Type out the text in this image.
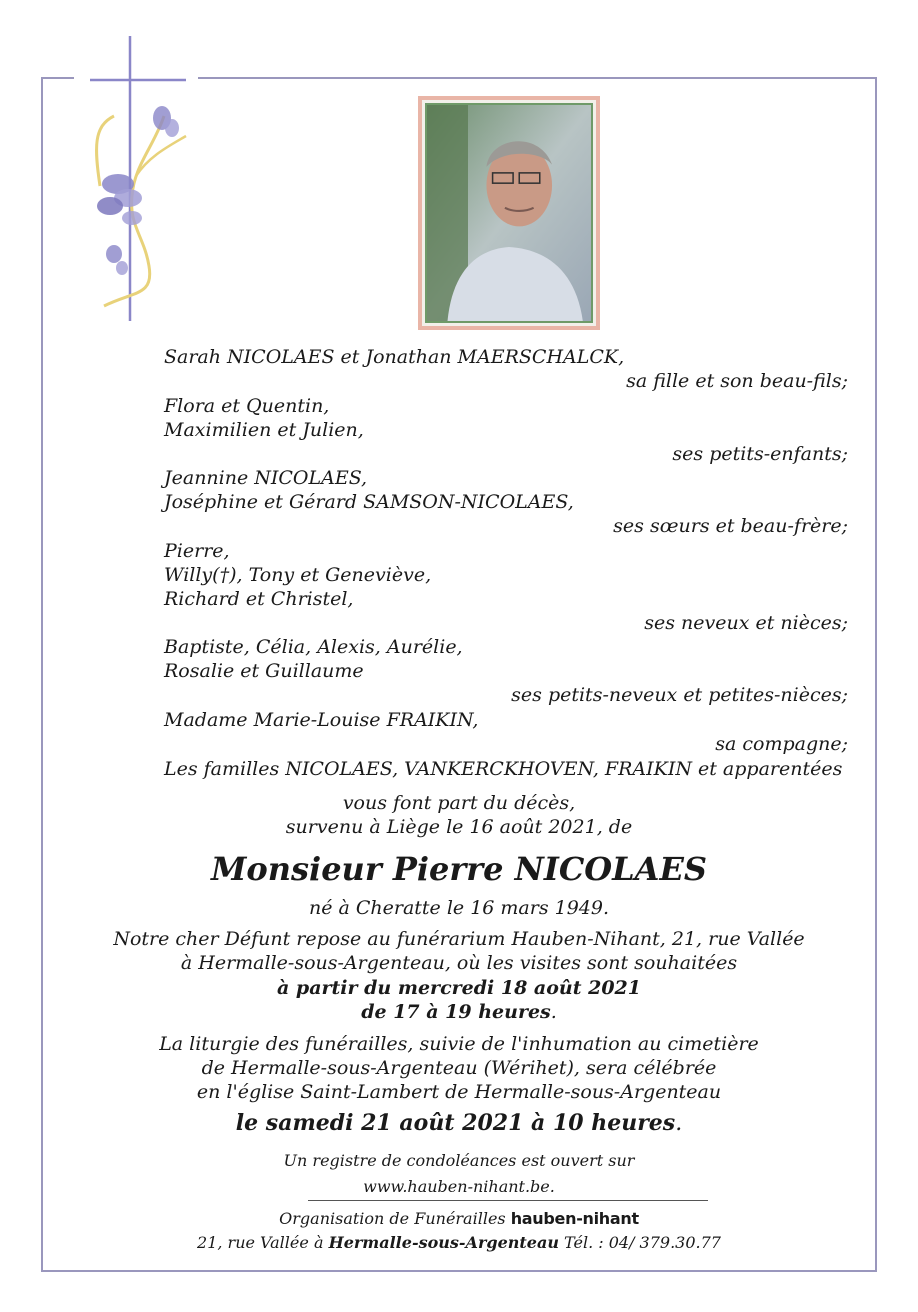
Sarah NICOLAES et Jonathan MAERSCHALCK,
sa fille et son beau-fils;
Flora et Quentin,
Maximilien et Julien,
ses petits-enfants;
Jeannine NICOLAES,
Joséphine et Gérard SAMSON-NICOLAES,
ses sœurs et beau-frère;
Pierre,
Willy(†), Tony et Geneviève,
Richard et Christel,
ses neveux et nièces;
Baptiste, Célia, Alexis, Aurélie,
Rosalie et Guillaume
ses petits-neveux et petites-nièces;
Madame Marie-Louise FRAIKIN,
sa compagne;
Les familles NICOLAES, VANKERCKHOVEN, FRAIKIN et apparentées
vous font part du décès,
survenu à Liège le 16 août 2021, de
Monsieur Pierre NICOLAES
né à Cheratte le 16 mars 1949.
Notre cher Défunt repose au funérarium Hauben-Nihant, 21, rue Vallée
à Hermalle-sous-Argenteau, où les visites sont souhaitées
à partir du mercredi 18 août 2021
de 17 à 19 heures.
La liturgie des funérailles, suivie de l'inhumation au cimetière
de Hermalle-sous-Argenteau (Wérihet), sera célébrée
en l'église Saint-Lambert de Hermalle-sous-Argenteau
le samedi 21 août 2021 à 10 heures.
Un registre de condoléances est ouvert sur
www.hauben-nihant.be.
Organisation de Funérailles hauben-nihant
21, rue Vallée à Hermalle-sous-Argenteau Tél. : 04/ 379.30.77
